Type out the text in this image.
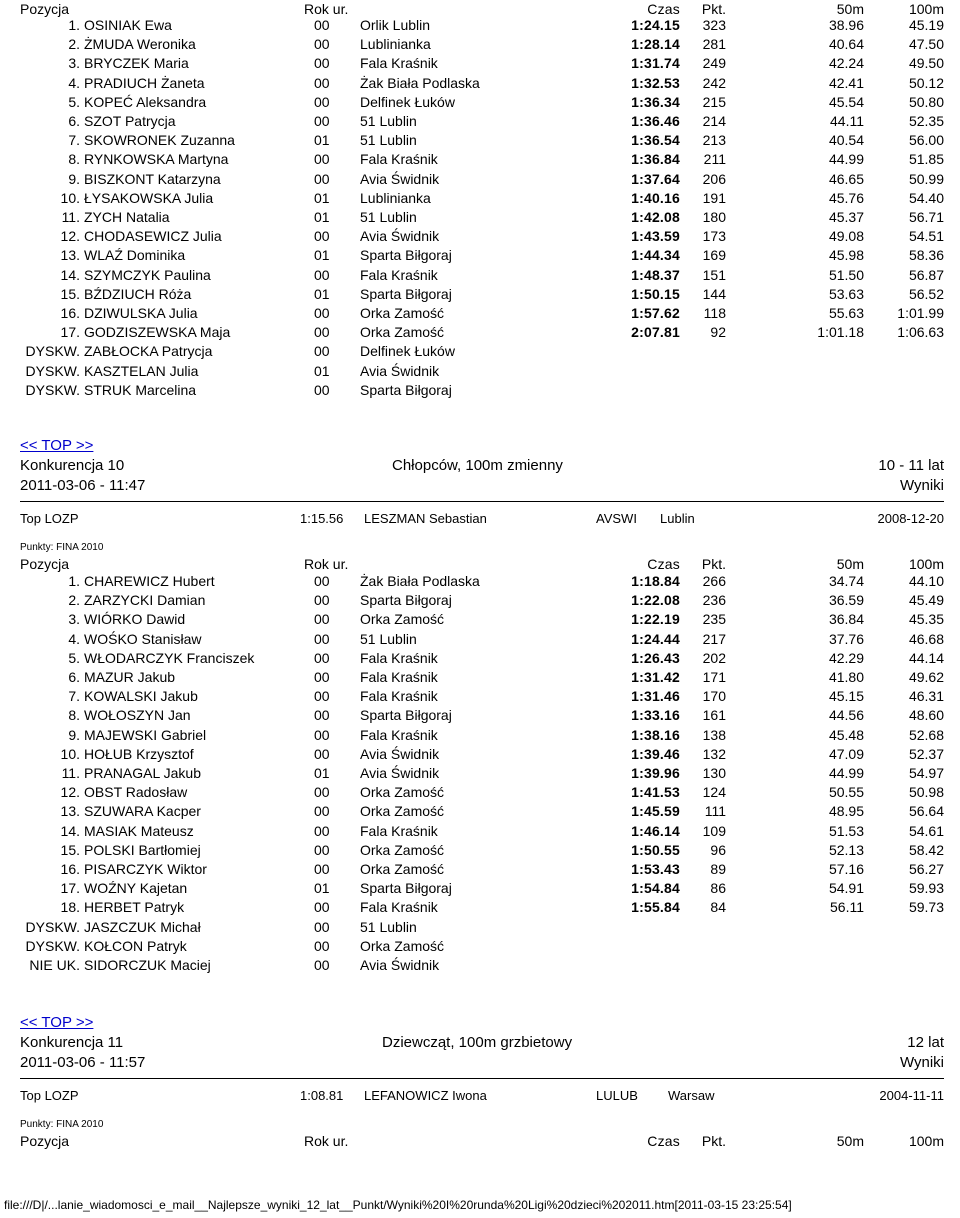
Pozycja	Rok ur.	Czas Pkt.	50m	100m
1. OSINIAK Ewa	00 Orlik Lublin	1:24.15 323	38.96	45.19
2. ŻMUDA Weronika	00 Lublinianka	1:28.14 281	40.64	47.50
3. BRYCZEK Maria	00 Fala Kraśnik	1:31.74 249	42.24	49.50
4. PRADIUCH Żaneta	00 Żak Biała Podlaska	1:32.53 242	42.41	50.12
5. KOPEĆ Aleksandra	00 Delfinek Łuków	1:36.34 215	45.54	50.80
6. SZOT Patrycja	00 51 Lublin	1:36.46 214	44.11	52.35
7. SKOWRONEK Zuzanna	01 51 Lublin	1:36.54 213	40.54	56.00
8. RYNKOWSKA Martyna	00 Fala Kraśnik	1:36.84 211	44.99	51.85
9. BISZKONT Katarzyna	00 Avia Świdnik	1:37.64 206	46.65	50.99
10. ŁYSAKOWSKA Julia	01 Lublinianka	1:40.16 191	45.76	54.40
11. ZYCH Natalia	01 51 Lublin	1:42.08 180	45.37	56.71
12. CHODASEWICZ Julia	00 Avia Świdnik	1:43.59 173	49.08	54.51
13. WLAŹ Dominika	01 Sparta Biłgoraj	1:44.34 169	45.98	58.36
14. SZYMCZYK Paulina	00 Fala Kraśnik	1:48.37 151	51.50	56.87
15. BŹDZIUCH Róża	01 Sparta Biłgoraj	1:50.15 144	53.63	56.52
16. DZIWULSKA Julia	00 Orka Zamość	1:57.62 118	55.63 1:01.99
17. GODZISZEWSKA Maja	00 Orka Zamość	2:07.81 92	1:01.18 1:06.63
DYSKW. ZABŁOCKA Patrycja	00 Delfinek Łuków
DYSKW. KASZTELAN Julia	01 Avia Świdnik
DYSKW. STRUK Marcelina	00 Sparta Biłgoraj
<< TOP >>
Konkurencja 10	Chłopców, 100m zmienny	10 - 11 lat
2011-03-06 - 11:47	Wyniki
Top LOZP	1:15.56 LESZMAN Sebastian	AVSWI Lublin	2008-12-20
Punkty: FINA 2010
Pozycja	Rok ur.	Czas Pkt.	50m	100m
1. CHAREWICZ Hubert	00 Żak Biała Podlaska	1:18.84 266	34.74	44.10
2. ZARZYCKI Damian	00 Sparta Biłgoraj	1:22.08 236	36.59	45.49
3. WIÓRKO Dawid	00 Orka Zamość	1:22.19 235	36.84	45.35
4. WOŚKO Stanisław	00 51 Lublin	1:24.44 217	37.76	46.68
5. WŁODARCZYK Franciszek	00 Fala Kraśnik	1:26.43 202	42.29	44.14
6. MAZUR Jakub	00 Fala Kraśnik	1:31.42 171	41.80	49.62
7. KOWALSKI Jakub	00 Fala Kraśnik	1:31.46 170	45.15	46.31
8. WOŁOSZYN Jan	00 Sparta Biłgoraj	1:33.16 161	44.56	48.60
9. MAJEWSKI Gabriel	00 Fala Kraśnik	1:38.16 138	45.48	52.68
10. HOŁUB Krzysztof	00 Avia Świdnik	1:39.46 132	47.09	52.37
11. PRANAGAL Jakub	01 Avia Świdnik	1:39.96 130	44.99	54.97
12. OBST Radosław	00 Orka Zamość	1:41.53 124	50.55	50.98
13. SZUWARA Kacper	00 Orka Zamość	1:45.59 111	48.95	56.64
14. MASIAK Mateusz	00 Fala Kraśnik	1:46.14 109	51.53	54.61
15. POLSKI Bartłomiej	00 Orka Zamość	1:50.55 96	52.13	58.42
16. PISARCZYK Wiktor	00 Orka Zamość	1:53.43 89	57.16	56.27
17. WOŹNY Kajetan	01 Sparta Biłgoraj	1:54.84 86	54.91	59.93
18. HERBET Patryk	00 Fala Kraśnik	1:55.84 84	56.11	59.73
DYSKW. JASZCZUK Michał	00 51 Lublin
DYSKW. KOŁCON Patryk	00 Orka Zamość
NIE UK. SIDORCZUK Maciej	00 Avia Świdnik
<< TOP >>
Konkurencja 11	Dziewcząt, 100m grzbietowy	12 lat
2011-03-06 - 11:57	Wyniki
Top LOZP	1:08.81 LEFANOWICZ Iwona	LULUB Warsaw	2004-11-11
Punkty: FINA 2010
Pozycja	Rok ur.	Czas Pkt.	50m	100m
file:///D|/...lanie_wiadomosci_e_mail__Najlepsze_wyniki_12_lat__Punkt/Wyniki%20I%20runda%20Ligi%20dzieci%202011.htm[2011-03-15 23:25:54]
